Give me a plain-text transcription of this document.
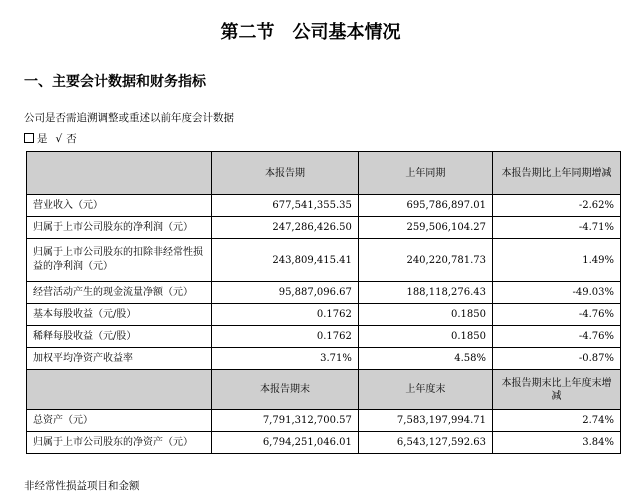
第二节　公司基本情况
一、主要会计数据和财务指标
公司是否需追溯调整或重述以前年度会计数据
是 √ 否
	本报告期	上年同期	本报告期比上年同期增减
营业收入（元）	677,541,355.35	695,786,897.01	-2.62%
归属于上市公司股东的净利润（元）	247,286,426.50	259,506,104.27	-4.71%
归属于上市公司股东的扣除非经常性损益的净利润（元）	243,809,415.41	240,220,781.73	1.49%
经营活动产生的现金流量净额（元）	95,887,096.67	188,118,276.43	-49.03%
基本每股收益（元/股）	0.1762	0.1850	-4.76%
稀释每股收益（元/股）	0.1762	0.1850	-4.76%
加权平均净资产收益率	3.71%	4.58%	-0.87%
	本报告期末	上年度末	本报告期末比上年度末增减
总资产（元）	7,791,312,700.57	7,583,197,994.71	2.74%
归属于上市公司股东的净资产（元）	6,794,251,046.01	6,543,127,592.63	3.84%
非经常性损益项目和金额
